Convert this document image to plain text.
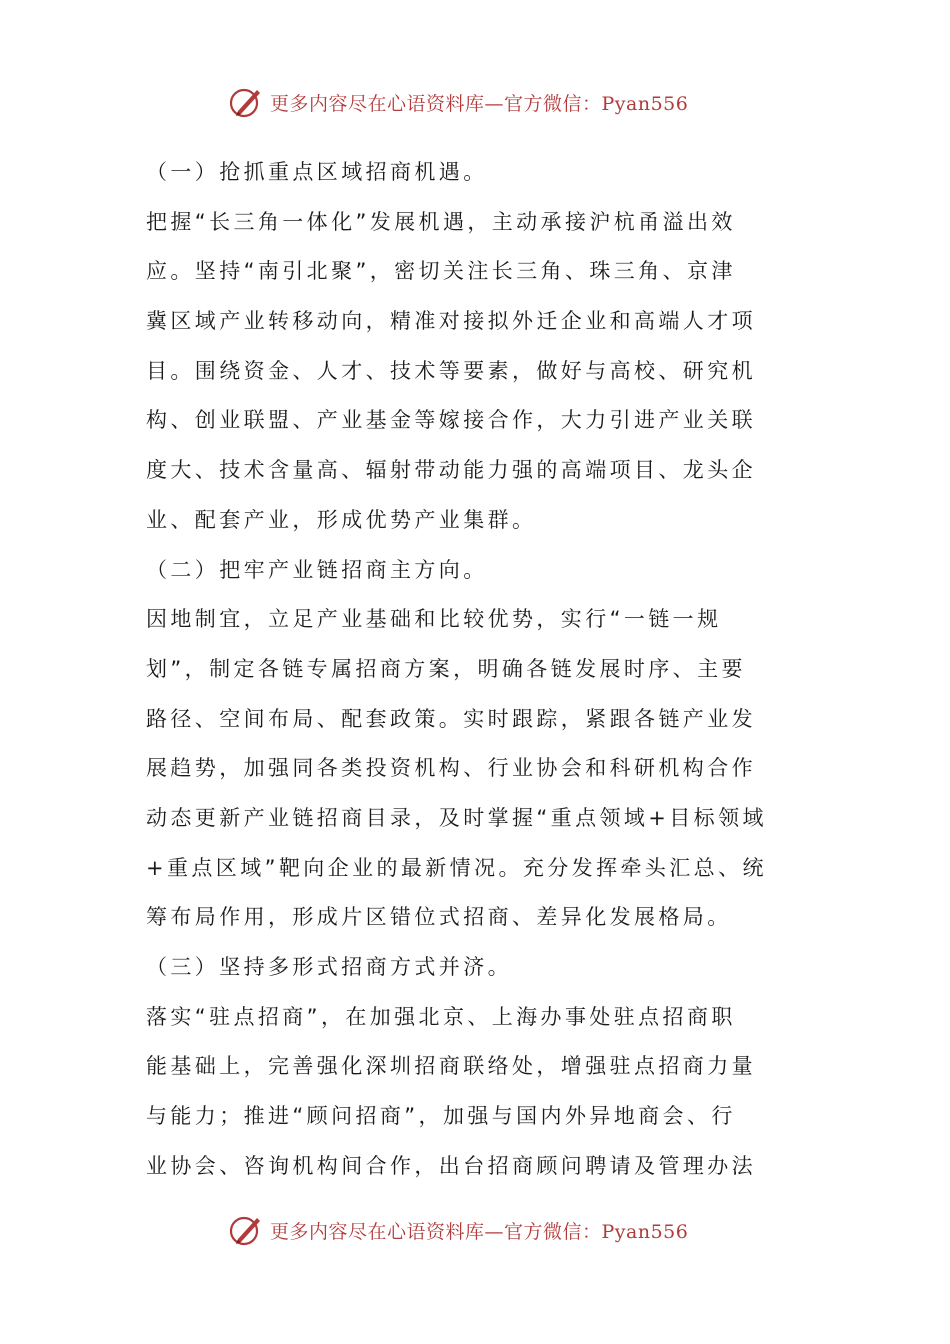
更多内容尽在心语资料库—官方微信：Pyan556
（一）抢抓重点区域招商机遇。
把握“长三角一体化”发展机遇，主动承接沪杭甬溢出效
应。坚持“南引北聚”，密切关注长三角、珠三角、京津
冀区域产业转移动向，精准对接拟外迁企业和高端人才项
目。围绕资金、人才、技术等要素，做好与高校、研究机
构、创业联盟、产业基金等嫁接合作，大力引进产业关联
度大、技术含量高、辐射带动能力强的高端项目、龙头企
业、配套产业，形成优势产业集群。
（二）把牢产业链招商主方向。
因地制宜，立足产业基础和比较优势，实行“一链一规
划”，制定各链专属招商方案，明确各链发展时序、主要
路径、空间布局、配套政策。实时跟踪，紧跟各链产业发
展趋势，加强同各类投资机构、行业协会和科研机构合作
动态更新产业链招商目录，及时掌握“重点领域+目标领域
+重点区域”靶向企业的最新情况。充分发挥牵头汇总、统
筹布局作用，形成片区错位式招商、差异化发展格局。
（三）坚持多形式招商方式并济。
落实“驻点招商”，在加强北京、上海办事处驻点招商职
能基础上，完善强化深圳招商联络处，增强驻点招商力量
与能力；推进“顾问招商”，加强与国内外异地商会、行
业协会、咨询机构间合作，出台招商顾问聘请及管理办法
更多内容尽在心语资料库—官方微信：Pyan556
